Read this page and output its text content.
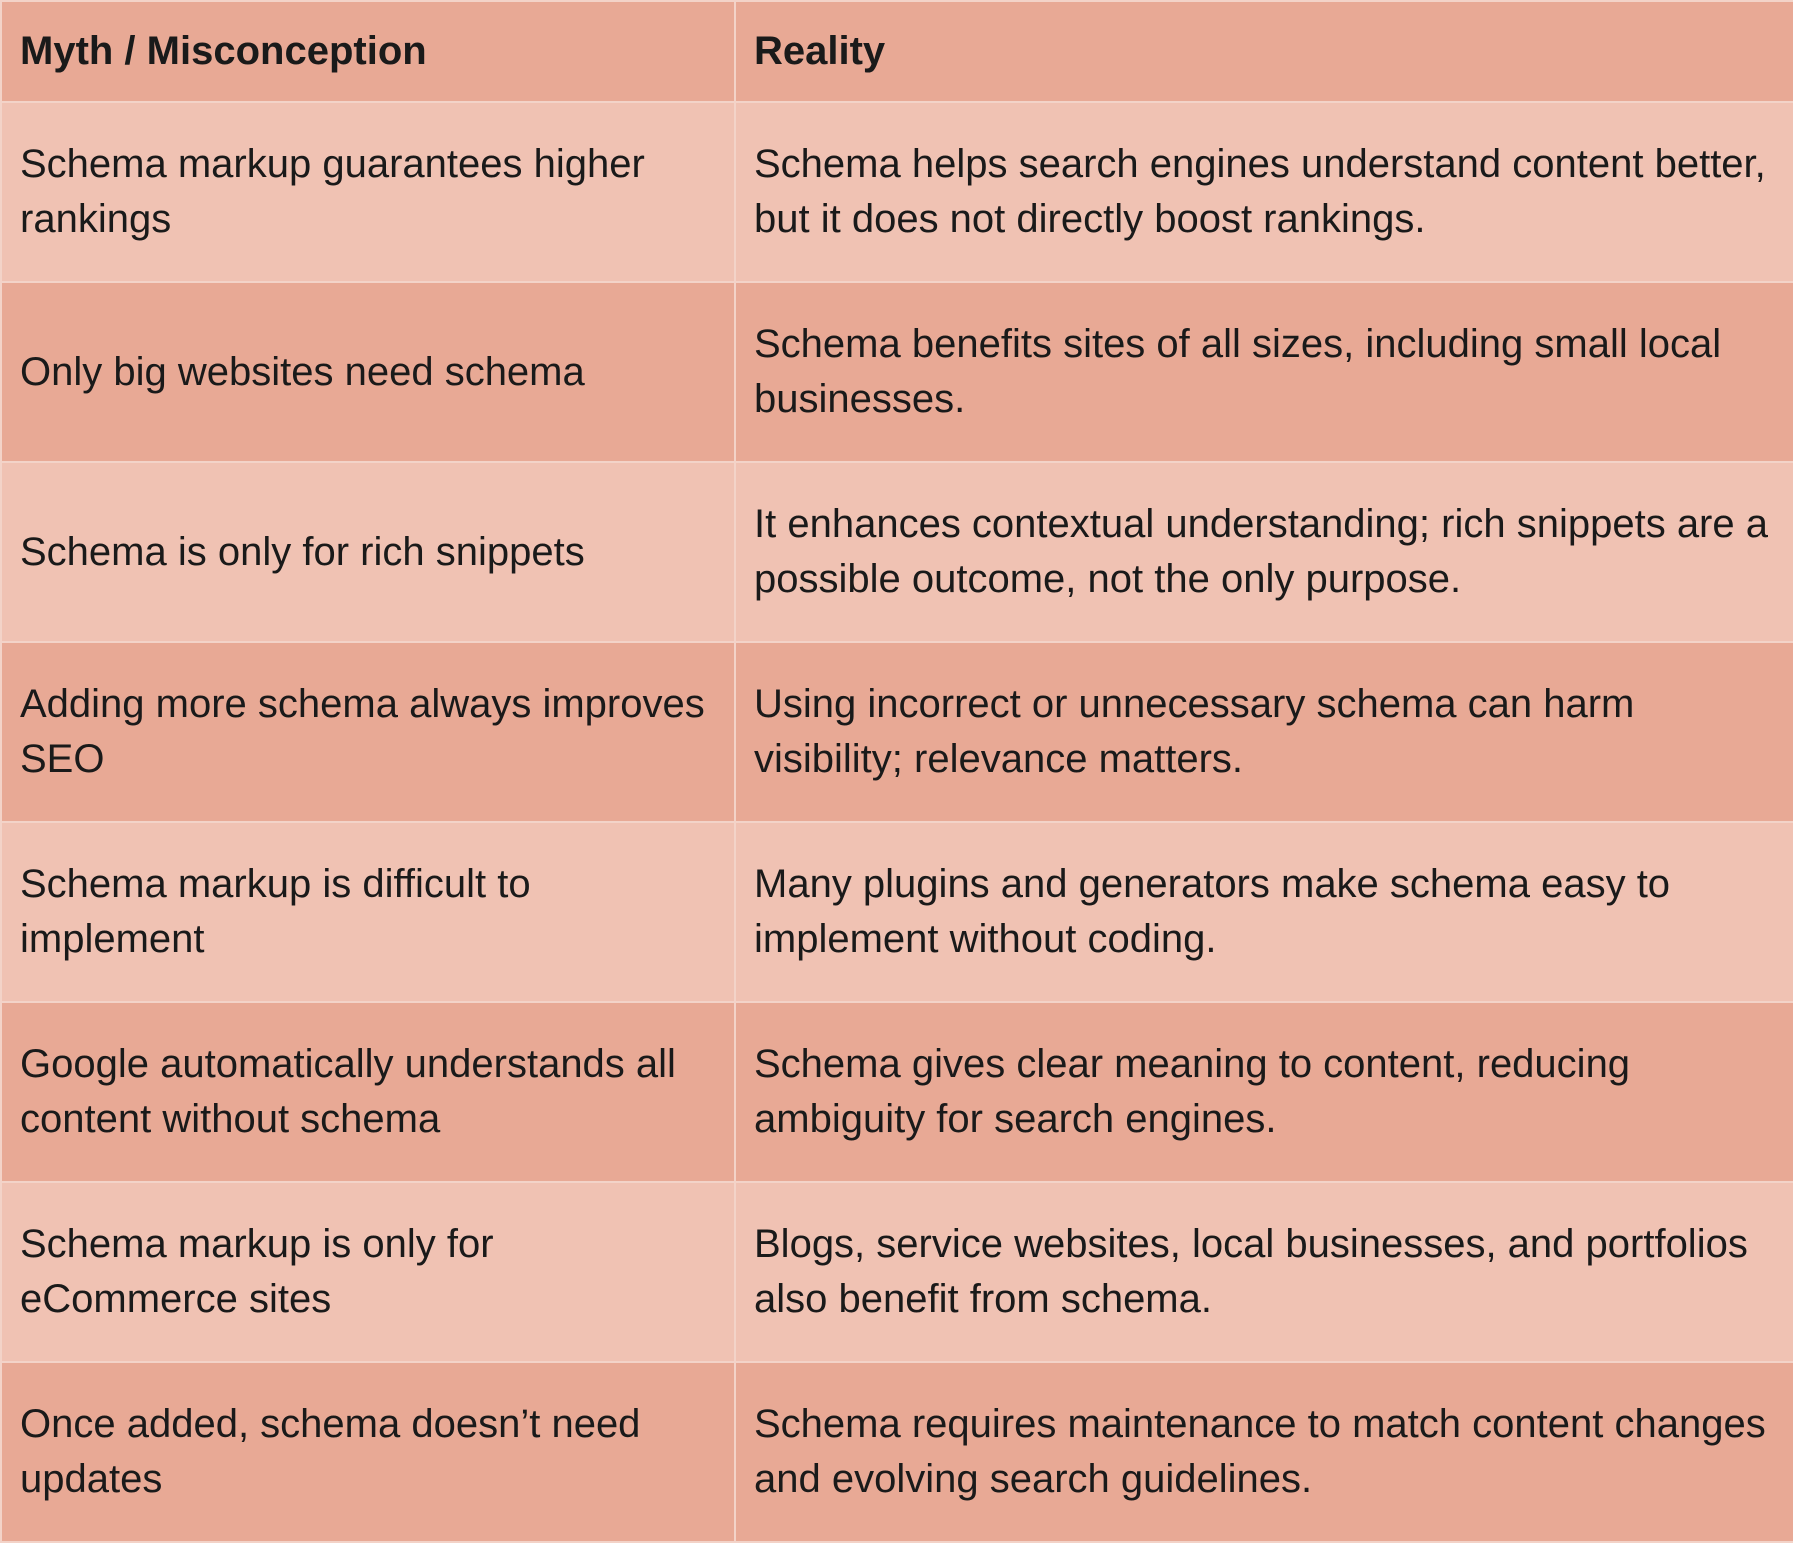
Myth / Misconception	Reality
Schema markup guarantees higher rankings	Schema helps search engines understand content better, but it does not directly boost rankings.
Only big websites need schema	Schema benefits sites of all sizes, including small local businesses.
Schema is only for rich snippets	It enhances contextual understanding; rich snippets are a possible outcome, not the only purpose.
Adding more schema always improves SEO	Using incorrect or unnecessary schema can harm visibility; relevance matters.
Schema markup is difficult to implement	Many plugins and generators make schema easy to implement without coding.
Google automatically understands all content without schema	Schema gives clear meaning to content, reducing ambiguity for search engines.
Schema markup is only for eCommerce sites	Blogs, service websites, local businesses, and portfolios also benefit from schema.
Once added, schema doesn’t need updates	Schema requires maintenance to match content changes and evolving search guidelines.
